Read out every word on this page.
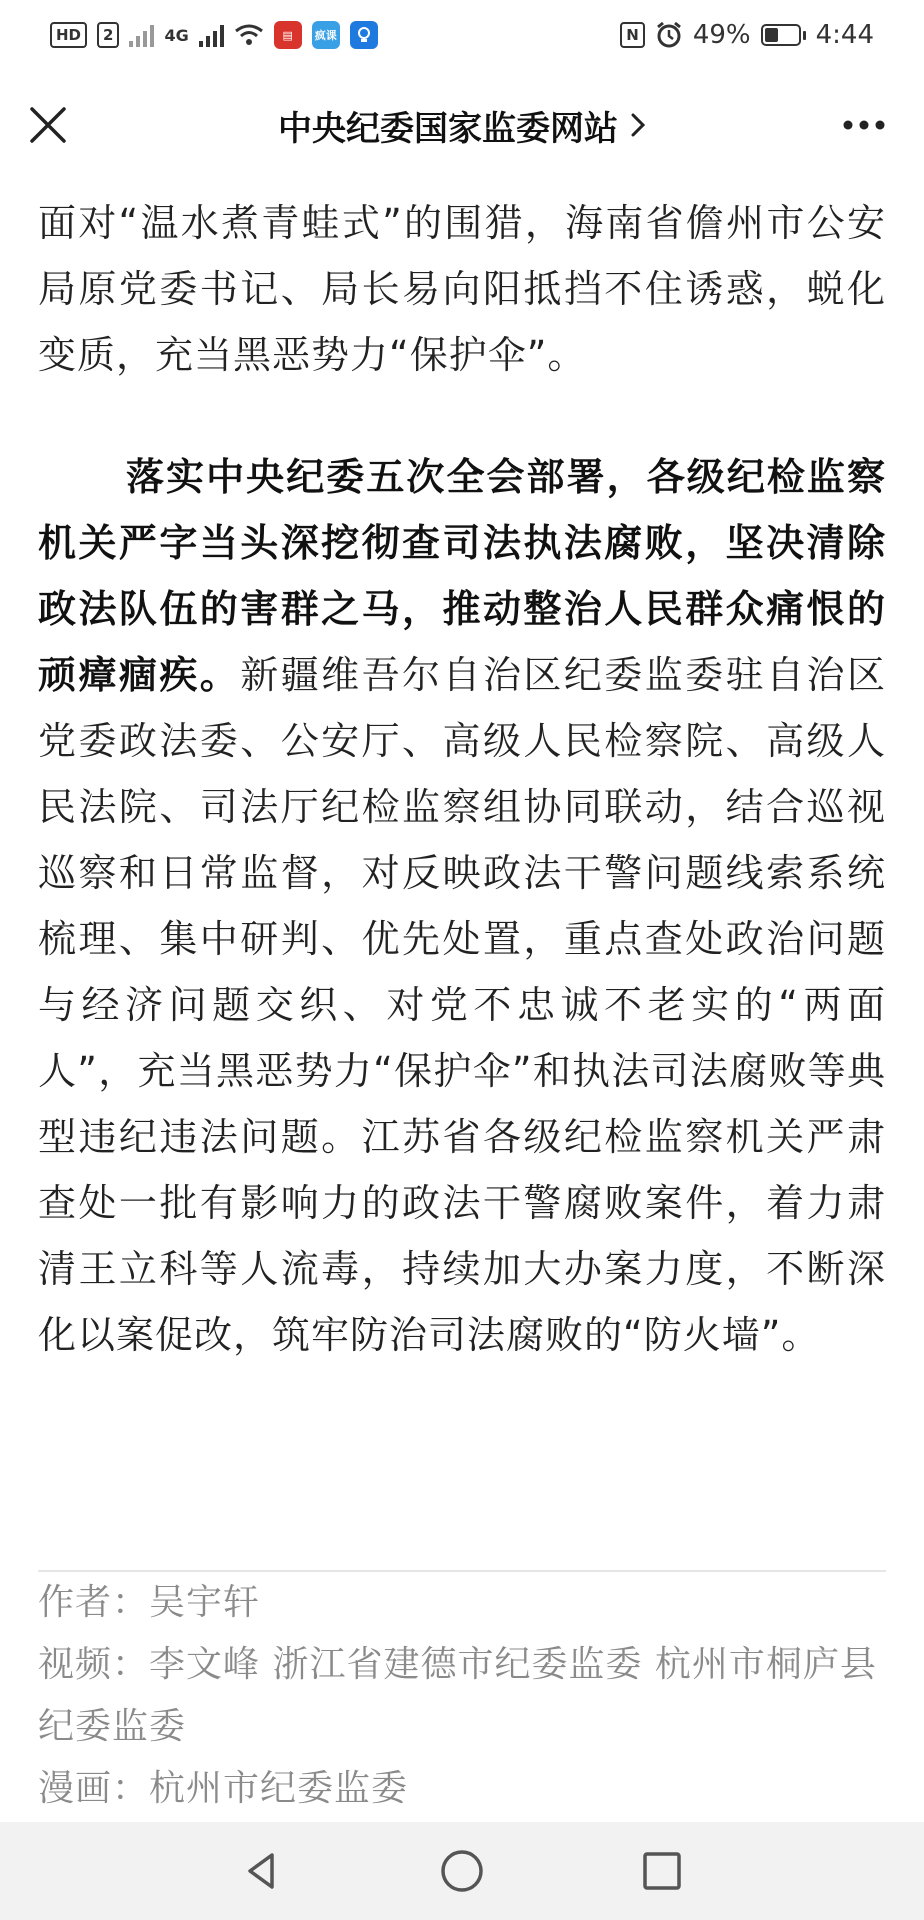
HD	2	4G	▤	疯课	N 49%	4:44
中央纪委国家监委网站

面对“温水煮青蛙式”的围猎，海南省儋州市公安局原党委书记、局长易向阳抵挡不住诱惑，蜕化变质，充当黑恶势力“保护伞”。

落实中央纪委五次全会部署，各级纪检监察机关严字当头深挖彻查司法执法腐败，坚决清除政法队伍的害群之马，推动整治人民群众痛恨的顽瘴痼疾。新疆维吾尔自治区纪委监委驻自治区党委政法委、公安厅、高级人民检察院、高级人民法院、司法厅纪检监察组协同联动，结合巡视巡察和日常监督，对反映政法干警问题线索系统梳理、集中研判、优先处置，重点查处政治问题与经济问题交织、对党不忠诚不老实的“两面人”，充当黑恶势力“保护伞”和执法司法腐败等典型违纪违法问题。江苏省各级纪检监察机关严肃查处一批有影响力的政法干警腐败案件，着力肃清王立科等人流毒，持续加大办案力度，不断深化以案促改，筑牢防治司法腐败的“防火墙”。

作者：吴宇轩

视频：李文峰 浙江省建德市纪委监委 杭州市桐庐县纪委监委

漫画：杭州市纪委监委
